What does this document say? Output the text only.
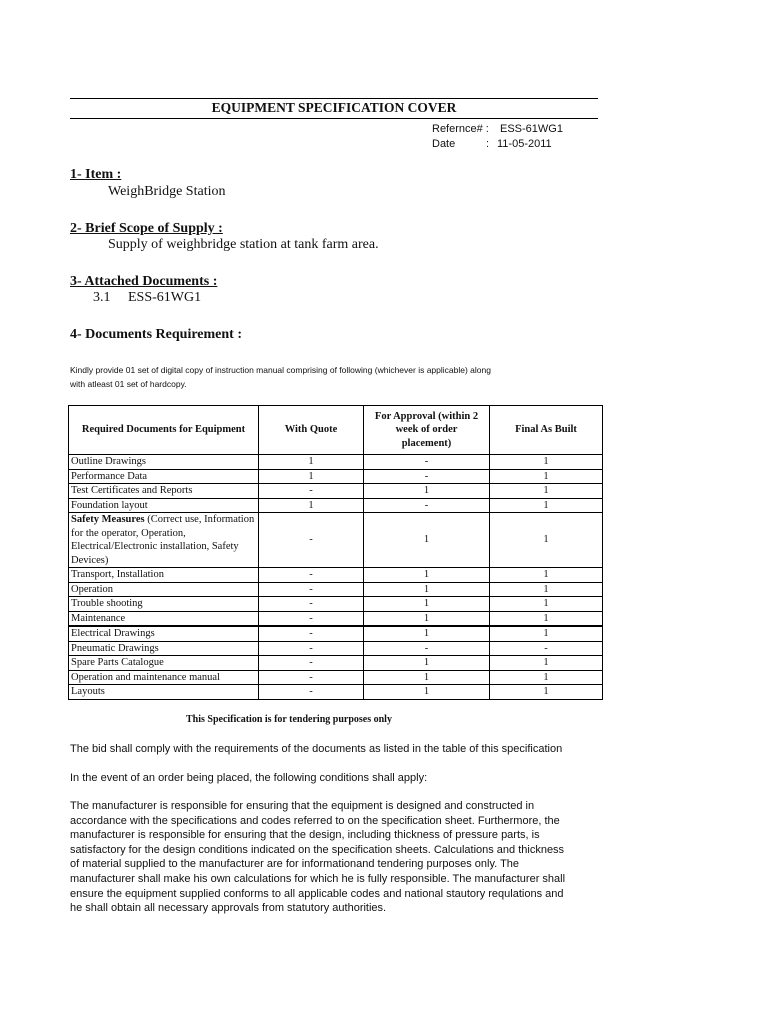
EQUIPMENT SPECIFICATION COVER
Refernce# : ESS-61WG1
Date	: 11-05-2011
1- Item :
WeighBridge Station
2- Brief Scope of Supply :
Supply of weighbridge station at tank farm area.
3- Attached Documents :
3.1 ESS-61WG1
4- Documents Requirement :
Kindly provide 01 set of digital copy of instruction manual comprising of following (whichever is applicable) along
with atleast 01 set of hardcopy.
Required Documents for Equipment	With Quote	For Approval (within 2 week of order placement)	Final As Built
Outline Drawings	1	-	1
Performance Data	1	-	1
Test Certificates and Reports	-	1	1
Foundation layout	1	-	1
Safety Measures (Correct use, Information for the operator, Operation, Electrical/Electronic installation, Safety Devices)	-	1	1
Transport, Installation	-	1	1
Operation	-	1	1
Trouble shooting	-	1	1
Maintenance	-	1	1
Electrical Drawings	-	1	1
Pneumatic Drawings	-	-	-
Spare Parts Catalogue	-	1	1
Operation and maintenance manual	-	1	1
Layouts	-	1	1
This Specification is for tendering purposes only
The bid shall comply with the requirements of the documents as listed in the table of this specification
In the event of an order being placed, the following conditions shall apply:
The manufacturer is responsible for ensuring that the equipment is designed and constructed in
accordance with the specifications and codes referred to on the specification sheet. Furthermore, the
manufacturer is responsible for ensuring that the design, including thickness of pressure parts, is
satisfactory for the design conditions indicated on the specification sheets. Calculations and thickness
of material supplied to the manufacturer are for informationand tendering purposes only. The
manufacturer shall make his own calculations for which he is fully responsible. The manufacturer shall
ensure the equipment supplied conforms to all applicable codes and national stautory requlations and
he shall obtain all necessary approvals from statutory authorities.
